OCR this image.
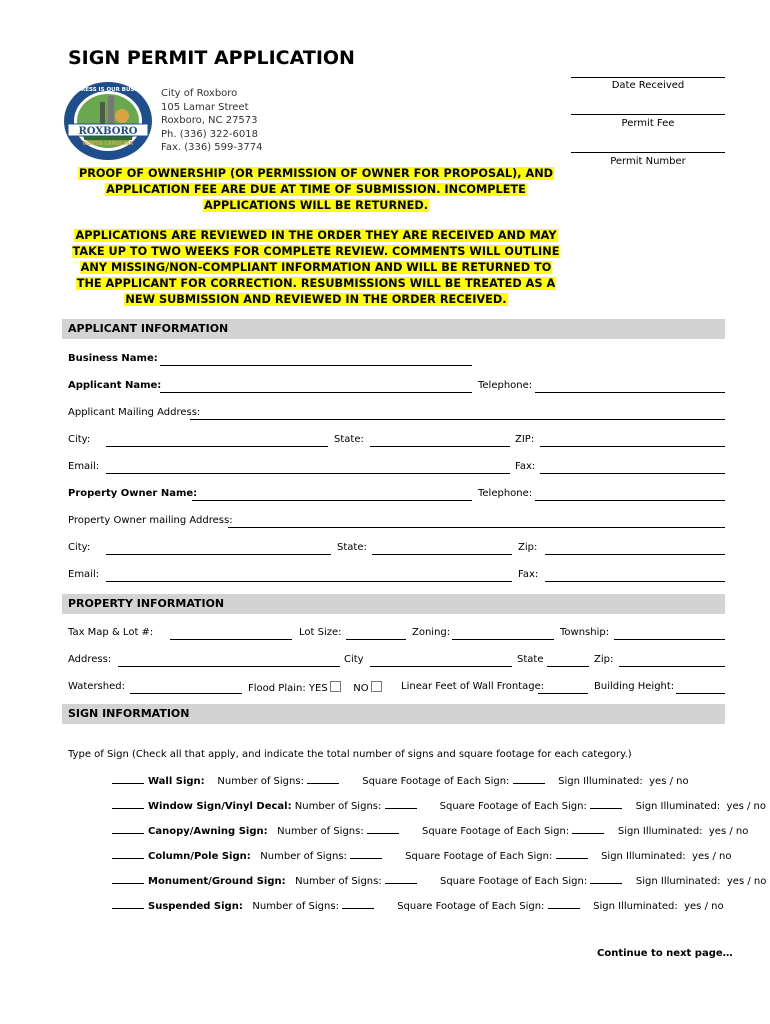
SIGN PERMIT APPLICATION
ROXBORO
NORTH CAROLINA
PROGRESS IS OUR BUSINESS City of Roxboro
105 Lamar Street
Roxboro, NC 27573
Ph. (336) 322-6018
Fax. (336) 599-3774
Date Received
Permit Fee
Permit Number
PROOF OF OWNERSHIP (OR PERMISSION OF OWNER FOR PROPOSAL), AND APPLICATION FEE ARE DUE AT TIME OF SUBMISSION. INCOMPLETE APPLICATIONS WILL BE RETURNED.
APPLICATIONS ARE REVIEWED IN THE ORDER THEY ARE RECEIVED AND MAY TAKE UP TO TWO WEEKS FOR COMPLETE REVIEW. COMMENTS WILL OUTLINE ANY MISSING/NON-COMPLIANT INFORMATION AND WILL BE RETURNED TO THE APPLICANT FOR CORRECTION. RESUBMISSIONS WILL BE TREATED AS A NEW SUBMISSION AND REVIEWED IN THE ORDER RECEIVED.
APPLICANT INFORMATION
Business Name:
Applicant Name:	Telephone:
Applicant Mailing Address:
City:	State:	ZIP:
Email:	Fax:
Property Owner Name:	Telephone:
Property Owner mailing Address:
City:	State:	Zip:
Email:	Fax:
PROPERTY INFORMATION
Tax Map & Lot #:	Lot Size:	Zoning:	Township:
Address:	City	State	Zip:
Watershed:	Flood Plain: YES	NO	Linear Feet of Wall Frontage:	Building Height:
SIGN INFORMATION
Type of Sign (Check all that apply, and indicate the total number of signs and square footage for each category.)
Wall Sign: Number of Signs:	Square Footage of Each Sign:	Sign Illuminated: yes / no
Window Sign/Vinyl Decal: Number of Signs:	Square Footage of Each Sign:	Sign Illuminated: yes / no
Canopy/Awning Sign: Number of Signs:	Square Footage of Each Sign:	Sign Illuminated: yes / no
Column/Pole Sign: Number of Signs:	Square Footage of Each Sign:	Sign Illuminated: yes / no
Monument/Ground Sign: Number of Signs:	Square Footage of Each Sign:	Sign Illuminated: yes / no
Suspended Sign: Number of Signs:	Square Footage of Each Sign:	Sign Illuminated: yes / no
Continue to next page…
